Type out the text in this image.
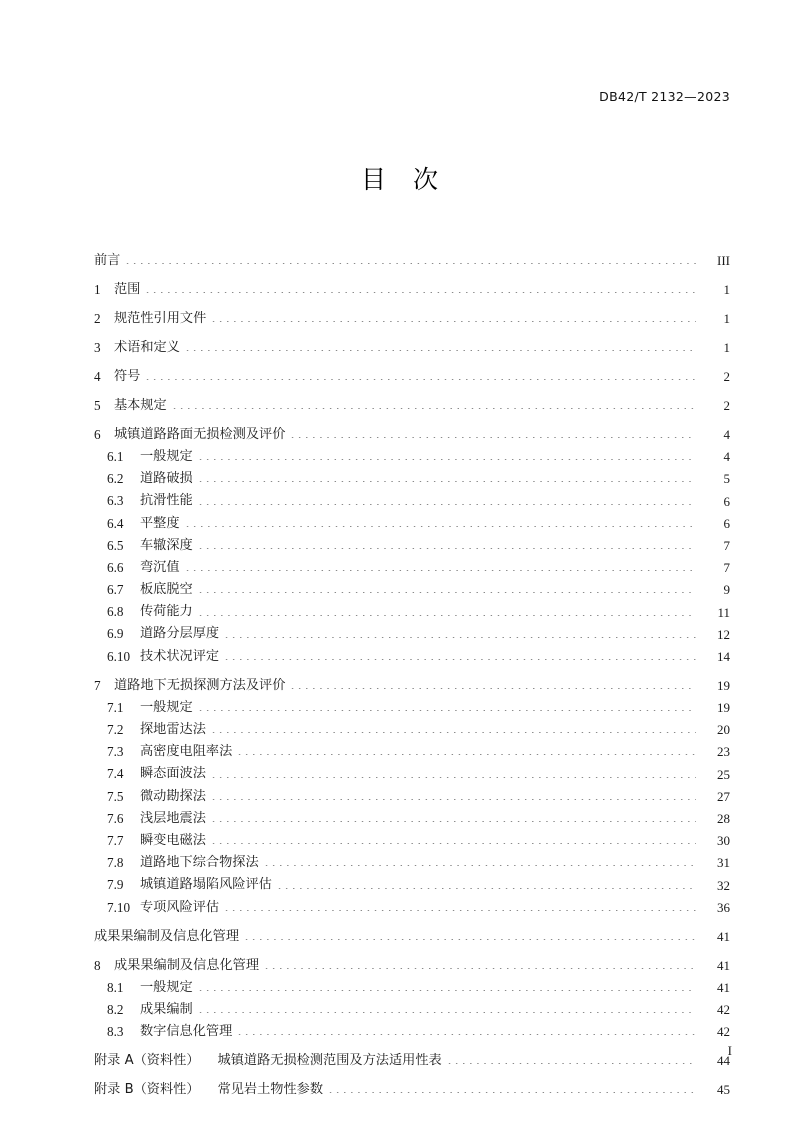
DB42/T 2132—2023
目 次
前言	III
1	范围	1
2	规范性引用文件	1
3	术语和定义	1
4	符号	2
5	基本规定	2
6	城镇道路路面无损检测及评价	4
6.1	一般规定	4
6.2	道路破损	5
6.3	抗滑性能	6
6.4	平整度	6
6.5	车辙深度	7
6.6	弯沉值	7
6.7	板底脱空	9
6.8	传荷能力	11
6.9	道路分层厚度	12
6.10 技术状况评定	14
7	道路地下无损探测方法及评价	19
7.1	一般规定	19
7.2	探地雷达法	20
7.3	高密度电阻率法	23
7.4	瞬态面波法	25
7.5	微动勘探法	27
7.6	浅层地震法	28
7.7	瞬变电磁法	30
7.8	道路地下综合物探法	31
7.9	城镇道路塌陷风险评估	32
7.10 专项风险评估	36
成果果编制及信息化管理	41
8	成果果编制及信息化管理	41
8.1	一般规定	41
8.2	成果编制	42
8.3	数字信息化管理	42
附录 A（资料性） 城镇道路无损检测范围及方法适用性表	44
附录 B（资料性） 常见岩土物性参数	45
I
